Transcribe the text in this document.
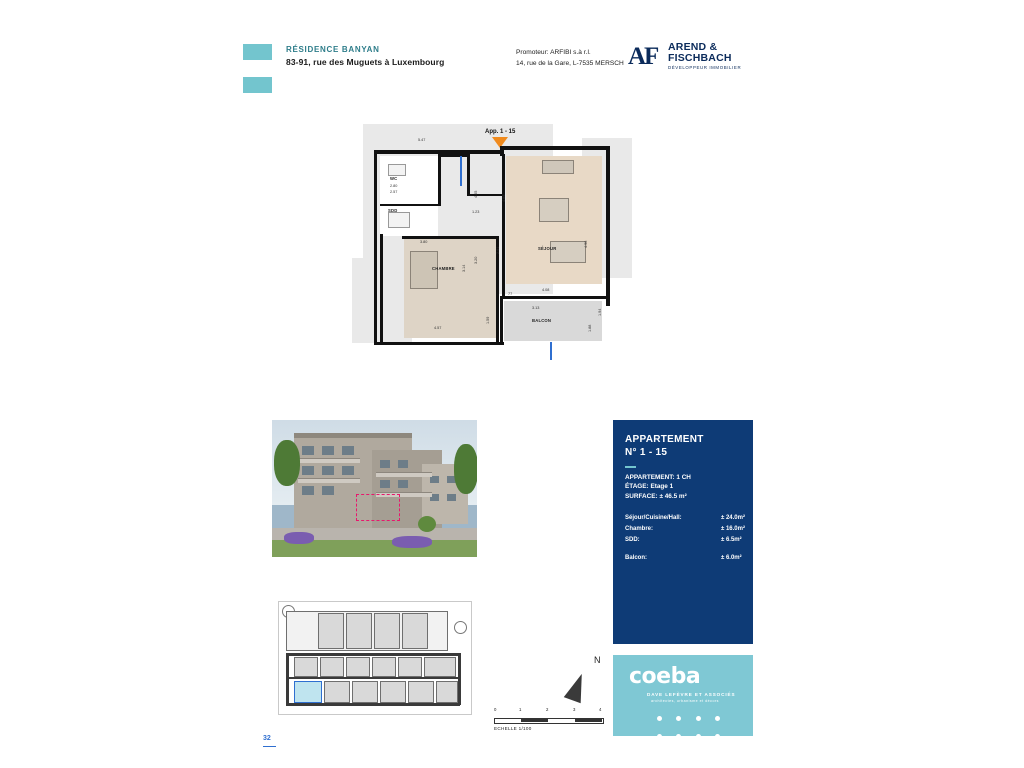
RÉSIDENCE BANYAN
83-91, rue des Muguets à Luxembourg
Promoteur: ARFIBI s.à r.l.
14, rue de la Gare, L-7535 MERSCH AF AREND &
FISCHBACH
DÉVELOPPEUR IMMOBILIER
App. 1 - 15
5.47
WC
SDD
SÉJOUR
CHAMBRE
BALCON
2.80
2.57	4.65
4.85
4.96
1.23
2.41
3.80
3.20
3.14
4.08
4.57
1.59
77
3.13
1.94
1.88
APPARTEMENT
N° 1 - 15
APPARTEMENT: 1 CH
ÉTAGE: Etage 1
SURFACE: ± 46.5 m²
Séjour/Cuisine/Hall:	± 24.0m²
Chambre:	± 16.0m²
SDD:	± 6.5m²
Balcon:	± 6.0m²
0	1	2	3	4
ECHELLE 1/100
N
coeba
DAVE LEFÈVRE ET ASSOCIÉS
architectes, urbanisme et décors

32
